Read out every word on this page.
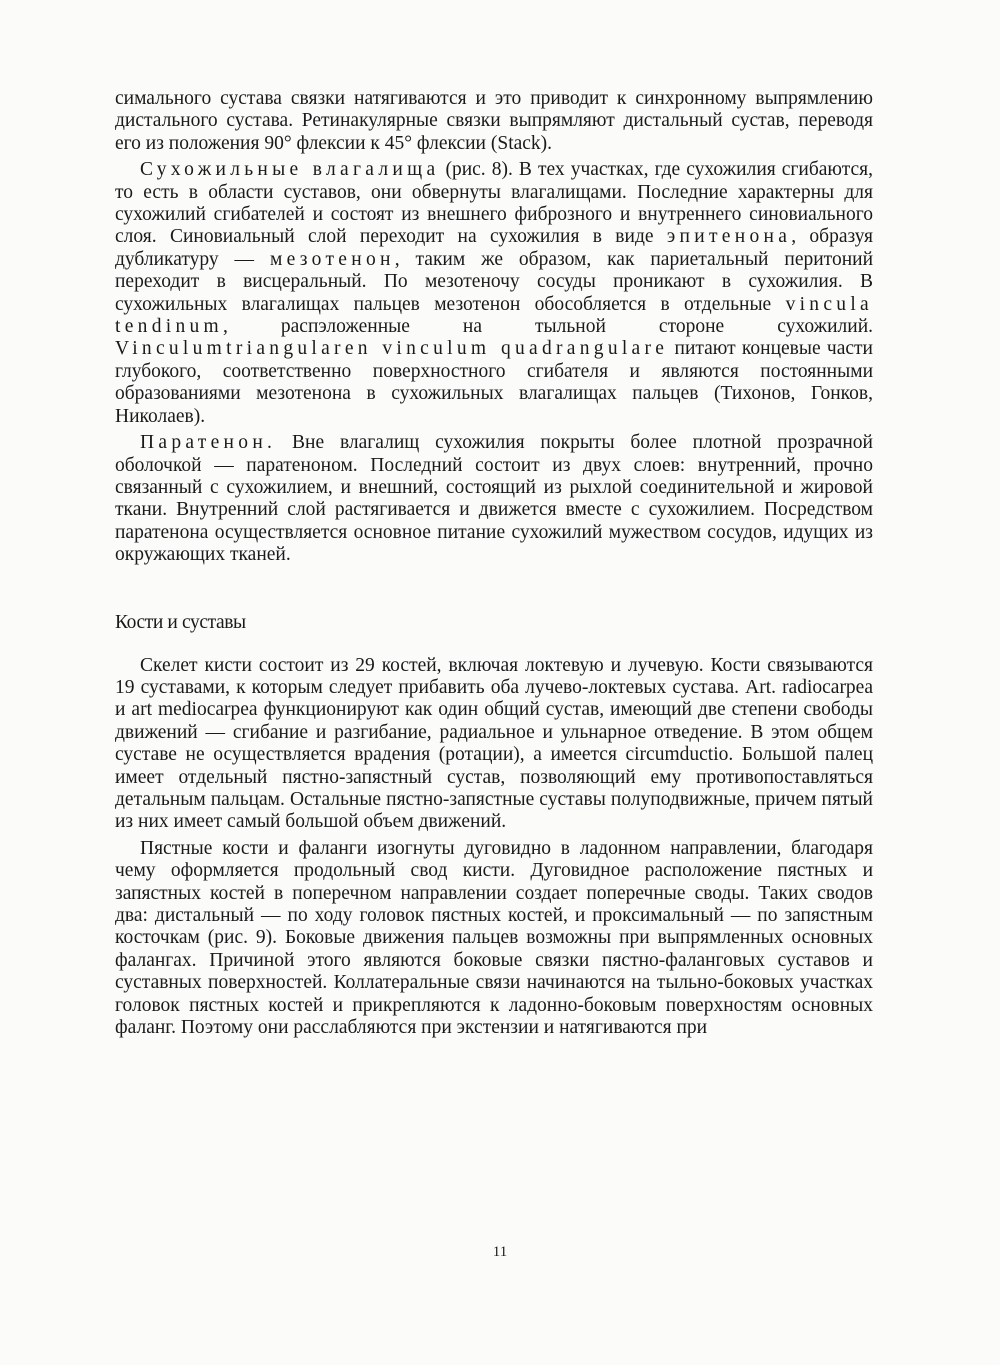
симального сустава связки натягиваются и это приводит к синхронному выпрямлению дистального сустава. Ретинакулярные связки выпрямляют дистальный сустав, переводя его из положения 90° флексии к 45° флексии (Stack).

Сухожильные влагалища (рис. 8). В тех участках, где сухожилия сгибаются, то есть в области суставов, они обвернуты влагалищами. Последние характерны для сухожилий сгибателей и состоят из внешнего фиброзного и внутреннего синовиального слоя. Синовиальный слой переходит на сухожилия в виде эпитенона, образуя дубликатуру — мезотенон, таким же образом, как париетальный перитоний переходит в висцеральный. По мезотеночу сосуды проникают в сухожилия. В сухожильных влагалищах пальцев мезотенон обособляется в отдельные vincula tendinum, распэложенные на тыльной стороне сухожилий. Vinculumtriangularen vinculum quadrangulare питают концевые части глубокого, соответственно поверхностного сгибателя и являются постоянными образованиями мезотенона в сухожильных влагалищах пальцев (Тихонов, Гонков, Николаев).

Паратенон. Вне влагалищ сухожилия покрыты более плотной прозрачной оболочкой — паратеноном. Последний состоит из двух слоев: внутренний, прочно связанный с сухожилием, и внешний, состоящий из рыхлой соединительной и жировой ткани. Внутренний слой растягивается и движется вместе с сухожилием. Посредством паратенона осуществляется основное питание сухожилий мужеством сосудов, идущих из окружающих тканей.

Кости и суставы

Скелет кисти состоит из 29 костей, включая локтевую и лучевую. Кости связываются 19 суставами, к которым следует прибавить оба лучево-локтевых сустава. Art. radiocarpea и art mediocarpea функционируют как один общий сустав, имеющий две степени свободы движений — сгибание и разгибание, радиальное и ульнарное отведение. В этом общем суставе не осуществляется врадения (ротации), а имеется circumductio. Большой палец имеет отдельный пястно-запястный сустав, позволяющий ему противопоставляться детальным пальцам. Остальные пястно-запястные суставы полуподвижные, причем пятый из них имеет самый большой объем движений.

Пястные кости и фаланги изогнуты дуговидно в ладонном направлении, благодаря чему оформляется продольный свод кисти. Дуговидное расположение пястных и запястных костей в поперечном направлении создает поперечные своды. Таких сводов два: дистальный — по ходу головок пястных костей, и проксимальный — по запястным косточкам (рис. 9). Боковые движения пальцев возможны при выпрямленных основных фалангах. Причиной этого являются боковые связки пястно-фаланговых суставов и суставных поверхностей. Коллатеральные связи начинаются на тыльно-боковых участках головок пястных костей и прикрепляются к ладонно-боковым поверхностям основных фаланг. Поэтому они расслабляются при экстензии и натягиваются при

11
